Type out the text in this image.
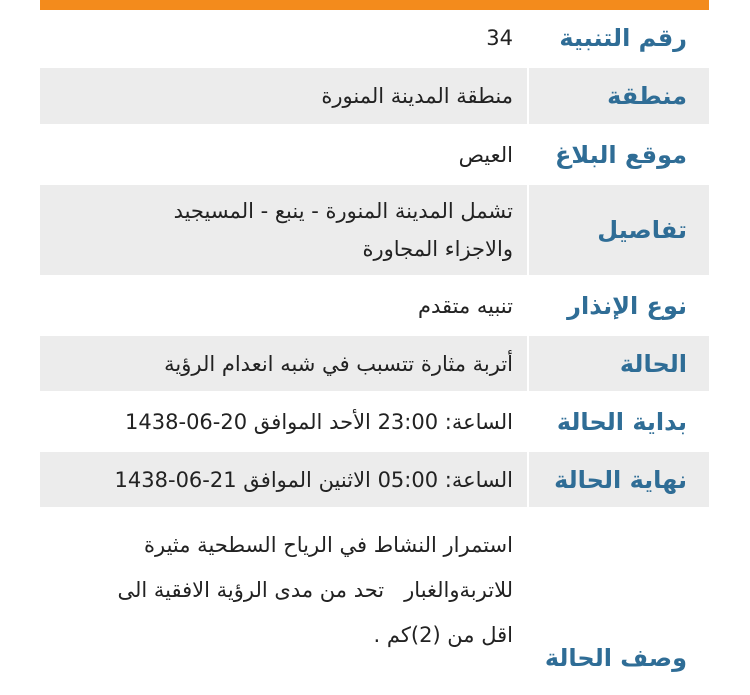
رقم التنبية
34
منطقة
منطقة المدينة المنورة
موقع البلاغ
العيص
تفاصيل
تشمل المدينة المنورة - ينبع - المسيجيد
والاجزاء المجاورة
نوع الإنذار
تنبيه متقدم
الحالة
أتربة مثارة تتسبب في شبه انعدام الرؤية
بداية الحالة
الساعة: 23:00 الأحد الموافق 20-06-1438
نهاية الحالة
الساعة: 05:00 الاثنين الموافق 21-06-1438
وصف الحالة
استمرار النشاط في الرياح السطحية مثيرة
للاتربةوالغبار   تحد من مدى الرؤية الافقية الى
اقل من (2)كم .
